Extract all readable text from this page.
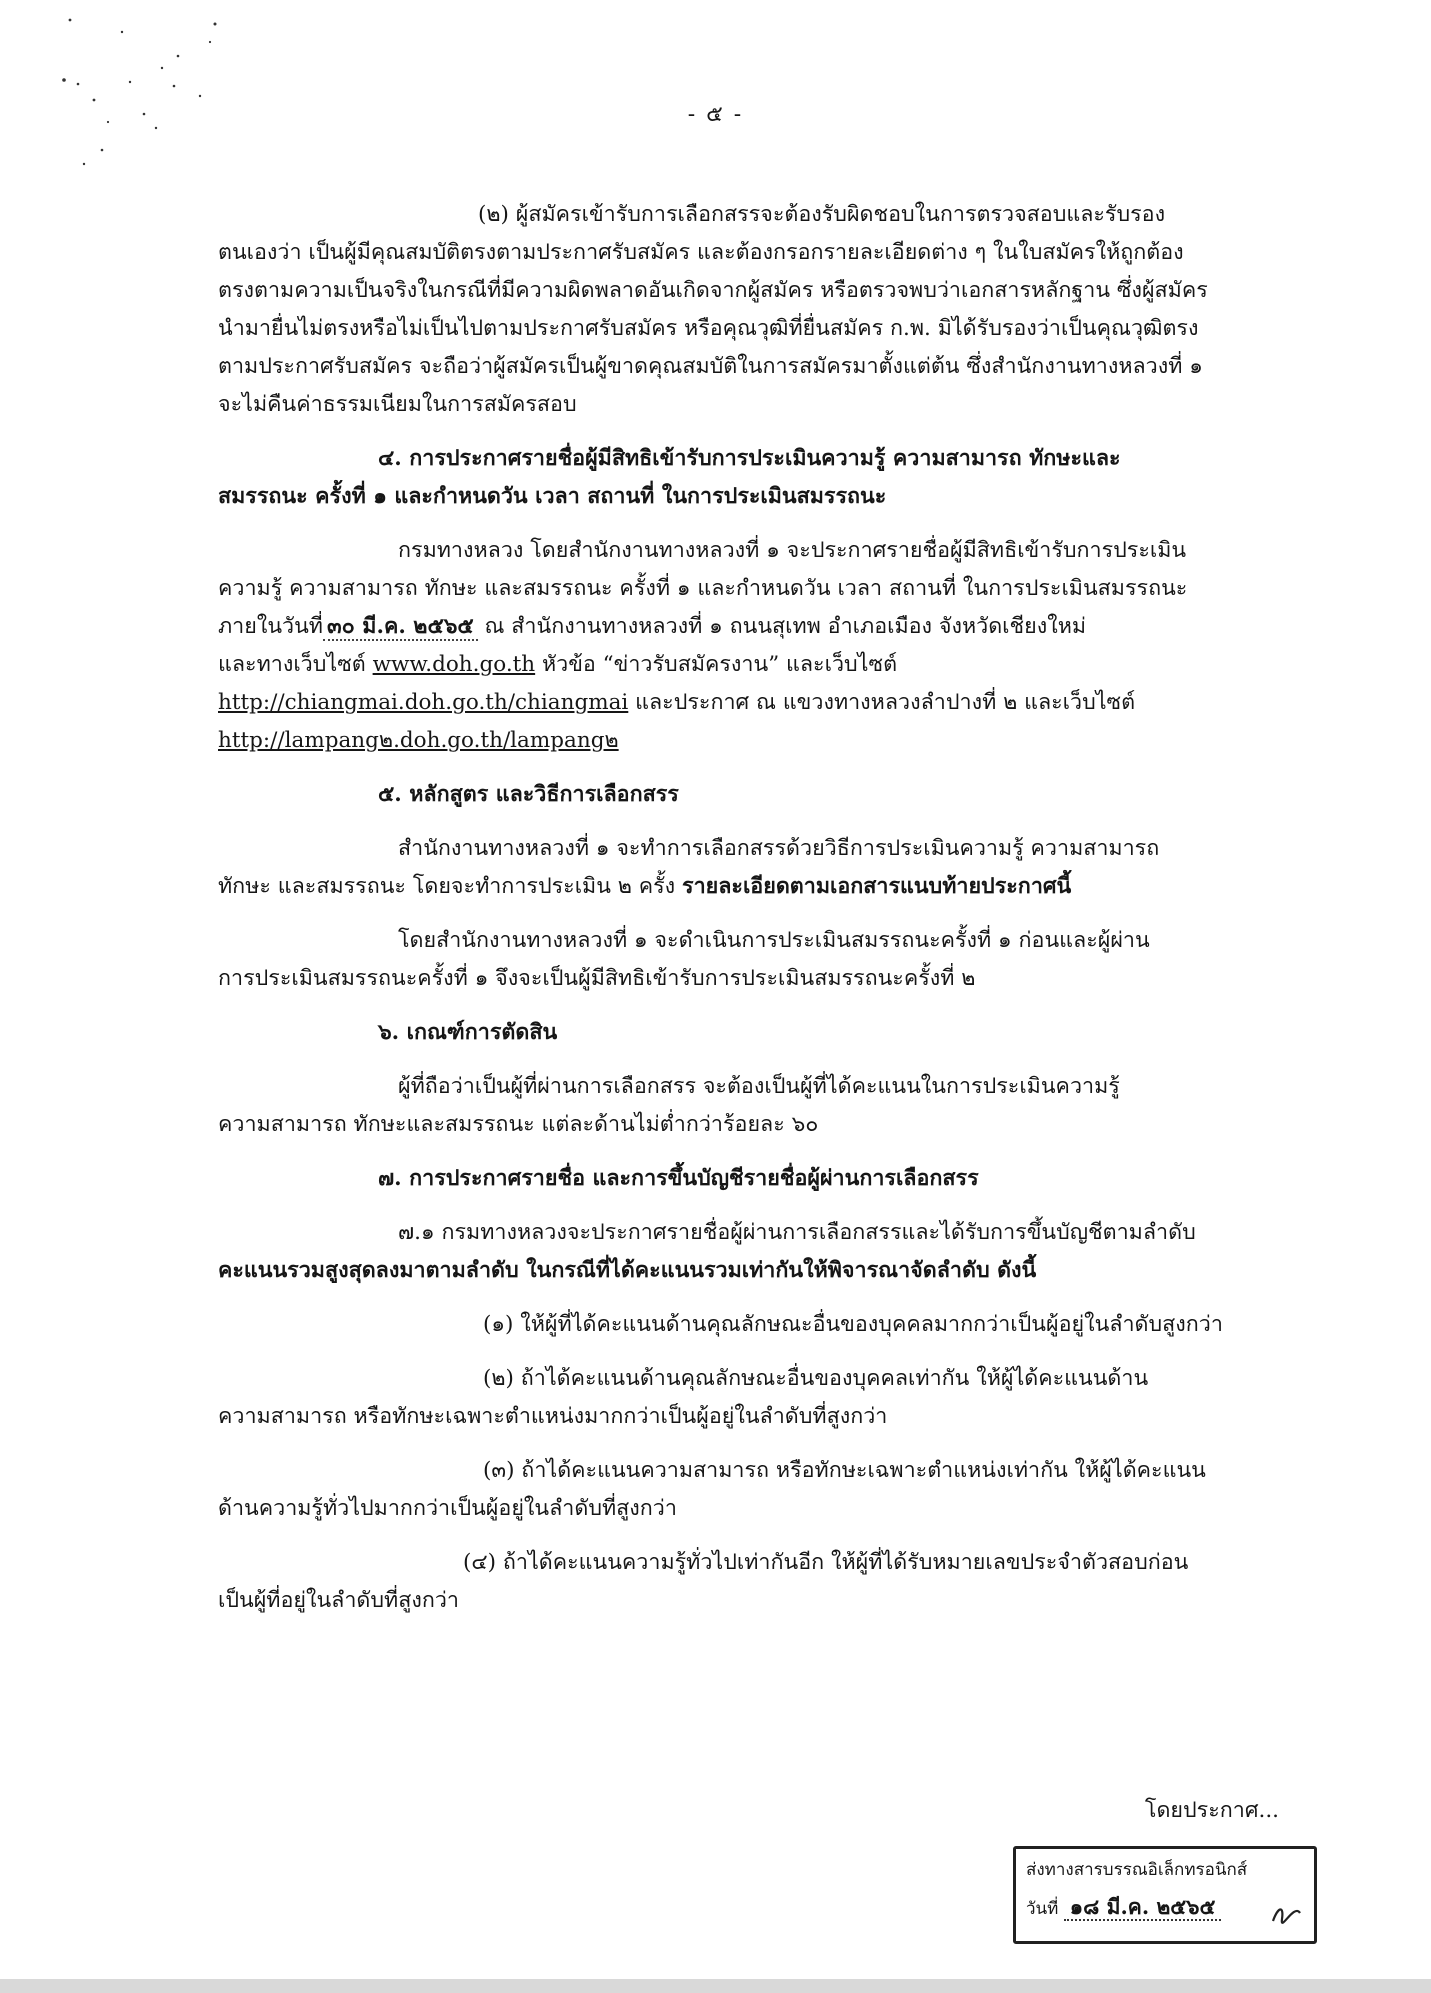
- ๕ -

(๒) ผู้สมัครเข้ารับการเลือกสรรจะต้องรับผิดชอบในการตรวจสอบและรับรอง

ตนเองว่า เป็นผู้มีคุณสมบัติตรงตามประกาศรับสมัคร และต้องกรอกรายละเอียดต่าง ๆ ในใบสมัครให้ถูกต้อง

ตรงตามความเป็นจริงในกรณีที่มีความผิดพลาดอันเกิดจากผู้สมัคร หรือตรวจพบว่าเอกสารหลักฐาน ซึ่งผู้สมัคร

นำมายื่นไม่ตรงหรือไม่เป็นไปตามประกาศรับสมัคร หรือคุณวุฒิที่ยื่นสมัคร ก.พ. มิได้รับรองว่าเป็นคุณวุฒิตรง

ตามประกาศรับสมัคร จะถือว่าผู้สมัครเป็นผู้ขาดคุณสมบัติในการสมัครมาตั้งแต่ต้น ซึ่งสำนักงานทางหลวงที่ ๑

จะไม่คืนค่าธรรมเนียมในการสมัครสอบ

๔. การประกาศรายชื่อผู้มีสิทธิเข้ารับการประเมินความรู้ ความสามารถ ทักษะและ

สมรรถนะ ครั้งที่ ๑ และกำหนดวัน เวลา สถานที่ ในการประเมินสมรรถนะ

กรมทางหลวง โดยสำนักงานทางหลวงที่ ๑ จะประกาศรายชื่อผู้มีสิทธิเข้ารับการประเมิน

ความรู้ ความสามารถ ทักษะ และสมรรถนะ ครั้งที่ ๑ และกำหนดวัน เวลา สถานที่ ในการประเมินสมรรถนะ

ภายในวันที่ ๓๐ มี.ค. ๒๕๖๕ ณ สำนักงานทางหลวงที่ ๑ ถนนสุเทพ อำเภอเมือง จังหวัดเชียงใหม่

และทางเว็บไซต์ www.doh.go.th หัวข้อ “ข่าวรับสมัครงาน” และเว็บไซต์

http://chiangmai.doh.go.th/chiangmai และประกาศ ณ แขวงทางหลวงลำปางที่ ๒ และเว็บไซต์

http://lampang๒.doh.go.th/lampang๒

๕. หลักสูตร และวิธีการเลือกสรร

สำนักงานทางหลวงที่ ๑ จะทำการเลือกสรรด้วยวิธีการประเมินความรู้ ความสามารถ

ทักษะ และสมรรถนะ โดยจะทำการประเมิน ๒ ครั้ง รายละเอียดตามเอกสารแนบท้ายประกาศนี้

โดยสำนักงานทางหลวงที่ ๑ จะดำเนินการประเมินสมรรถนะครั้งที่ ๑ ก่อนและผู้ผ่าน

การประเมินสมรรถนะครั้งที่ ๑ จึงจะเป็นผู้มีสิทธิเข้ารับการประเมินสมรรถนะครั้งที่ ๒

๖. เกณฑ์การตัดสิน

ผู้ที่ถือว่าเป็นผู้ที่ผ่านการเลือกสรร จะต้องเป็นผู้ที่ได้คะแนนในการประเมินความรู้

ความสามารถ ทักษะและสมรรถนะ แต่ละด้านไม่ต่ำกว่าร้อยละ ๖๐

๗. การประกาศรายชื่อ และการขึ้นบัญชีรายชื่อผู้ผ่านการเลือกสรร

๗.๑ กรมทางหลวงจะประกาศรายชื่อผู้ผ่านการเลือกสรรและได้รับการขึ้นบัญชีตามลำดับ

คะแนนรวมสูงสุดลงมาตามลำดับ ในกรณีที่ได้คะแนนรวมเท่ากันให้พิจารณาจัดลำดับ ดังนี้

(๑) ให้ผู้ที่ได้คะแนนด้านคุณลักษณะอื่นของบุคคลมากกว่าเป็นผู้อยู่ในลำดับสูงกว่า

(๒) ถ้าได้คะแนนด้านคุณลักษณะอื่นของบุคคลเท่ากัน ให้ผู้ได้คะแนนด้าน

ความสามารถ หรือทักษะเฉพาะตำแหน่งมากกว่าเป็นผู้อยู่ในลำดับที่สูงกว่า

(๓) ถ้าได้คะแนนความสามารถ หรือทักษะเฉพาะตำแหน่งเท่ากัน ให้ผู้ได้คะแนน

ด้านความรู้ทั่วไปมากกว่าเป็นผู้อยู่ในลำดับที่สูงกว่า

(๔) ถ้าได้คะแนนความรู้ทั่วไปเท่ากันอีก ให้ผู้ที่ได้รับหมายเลขประจำตัวสอบก่อน

เป็นผู้ที่อยู่ในลำดับที่สูงกว่า

โดยประกาศ...
ส่งทางสารบรรณอิเล็กทรอนิกส์
วันที่ ๑๘ มี.ค. ๒๕๖๕
